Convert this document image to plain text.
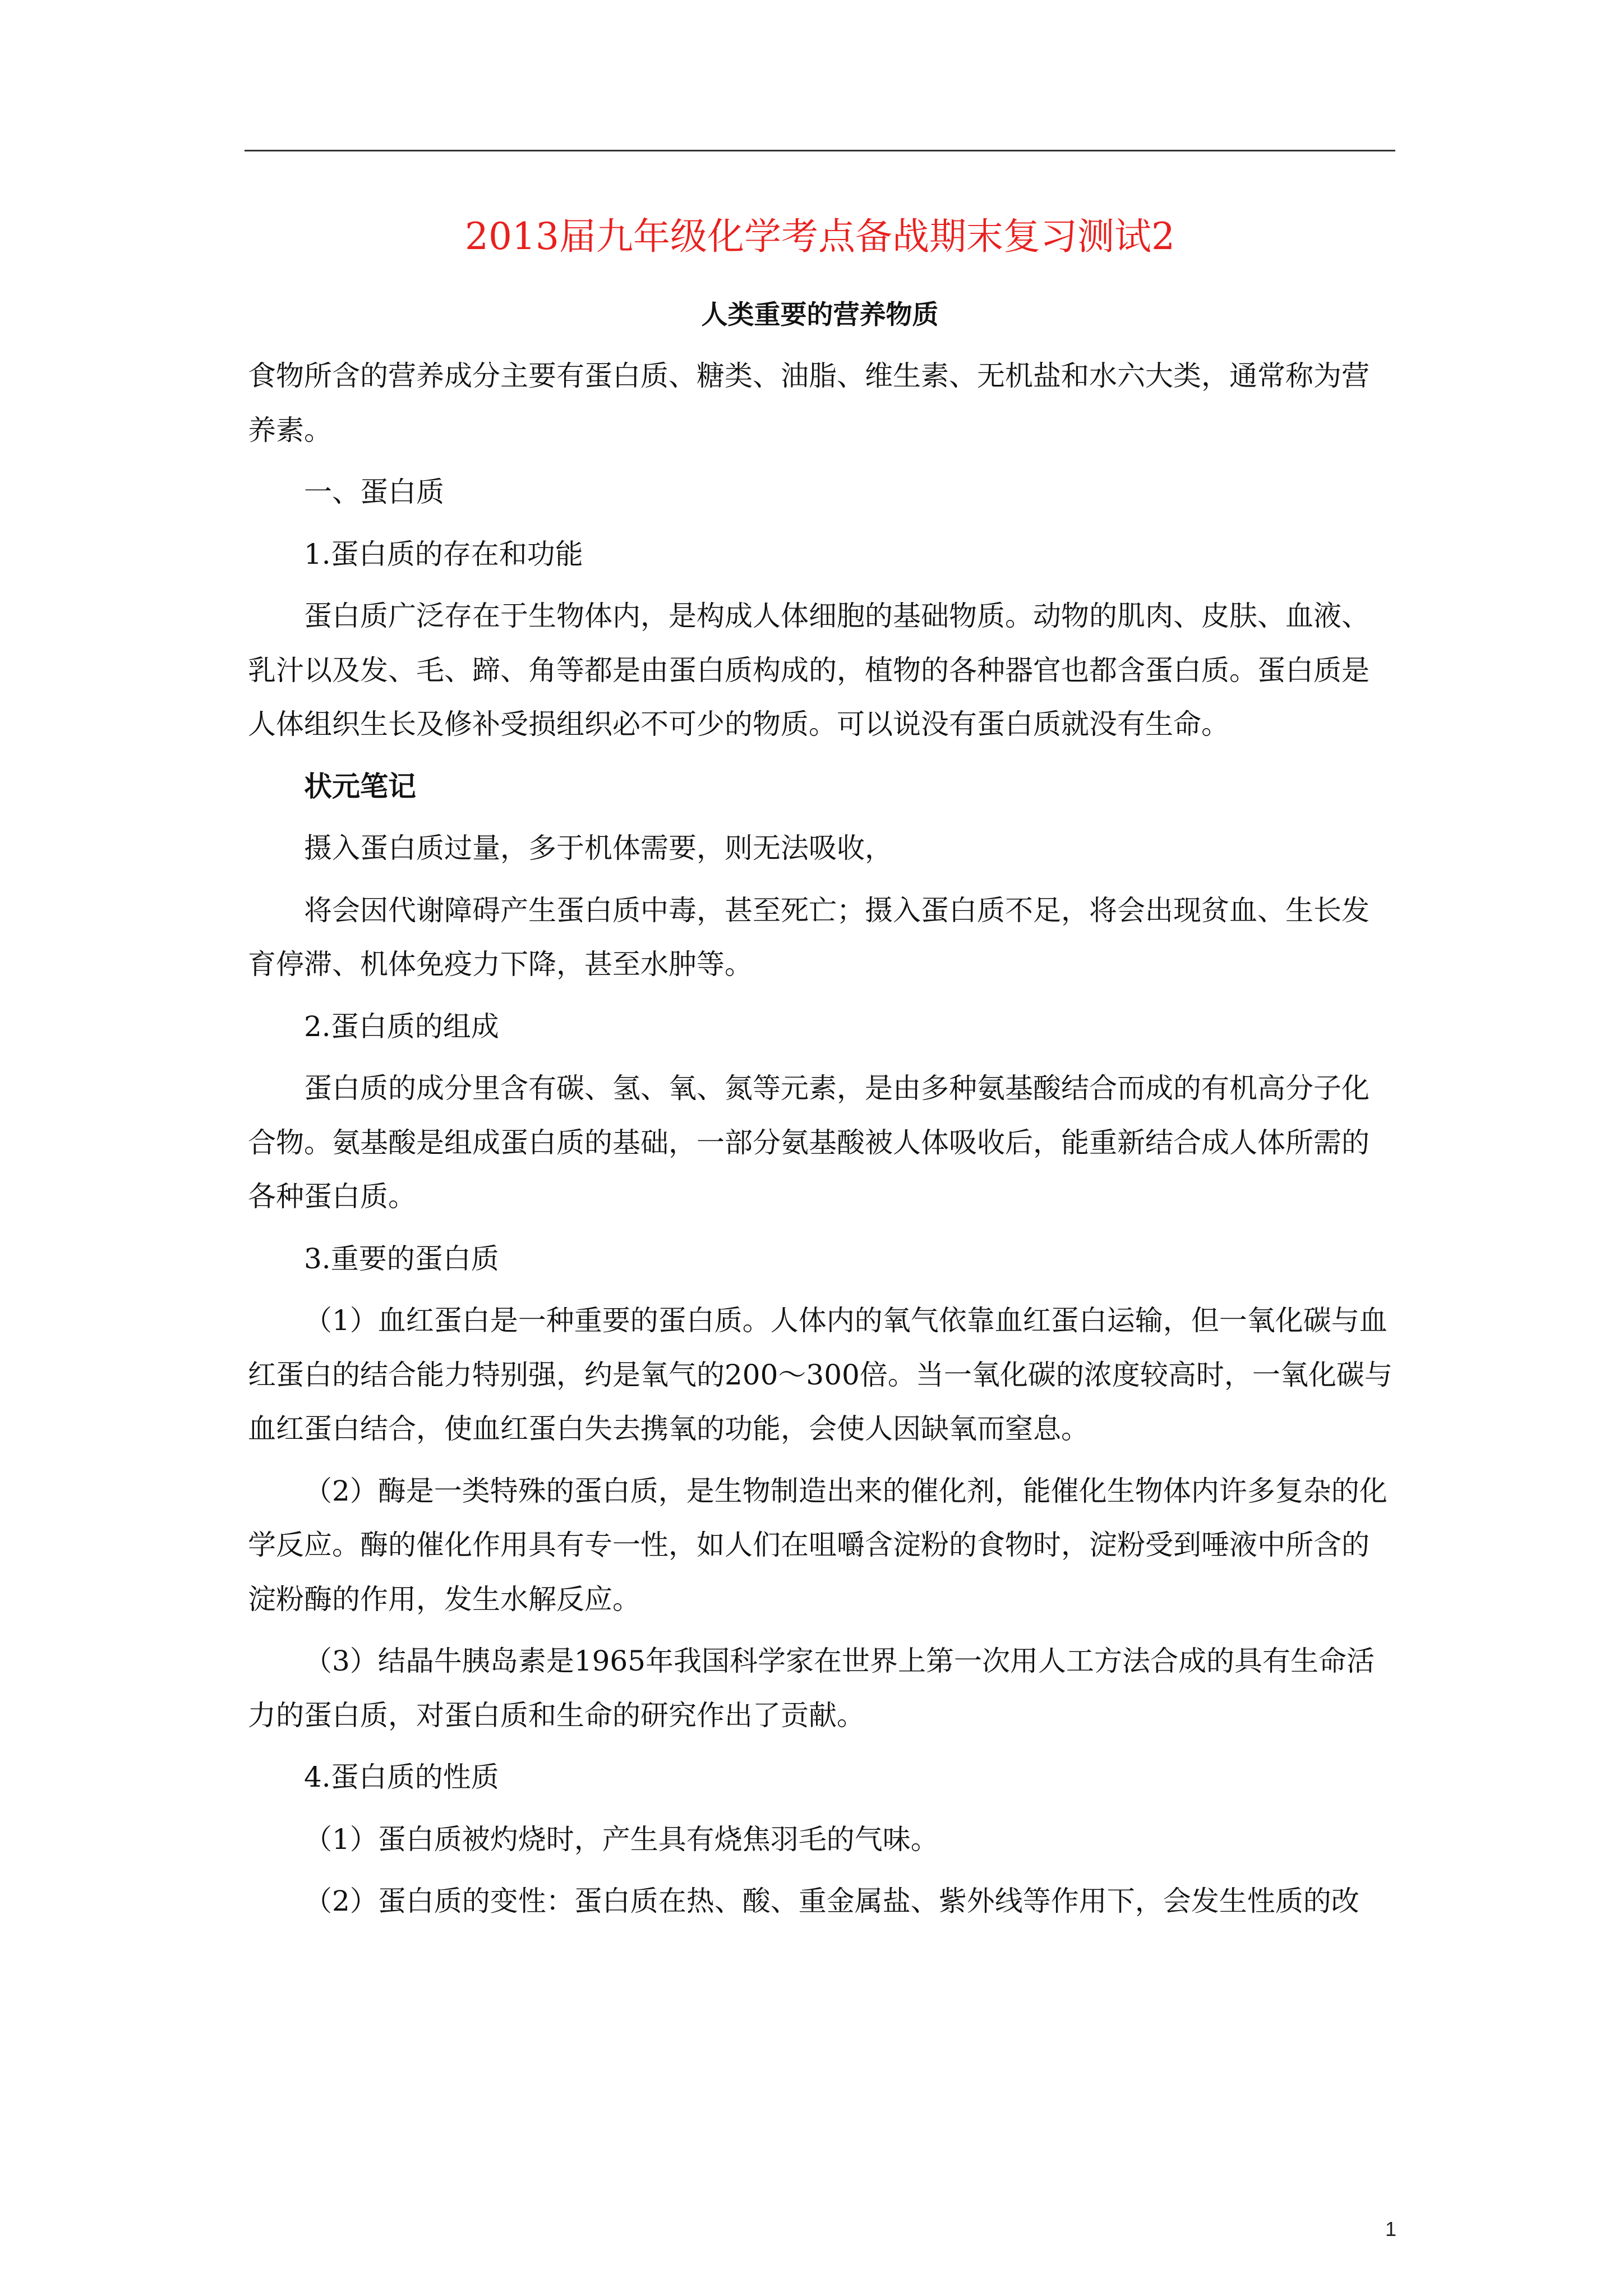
2013届九年级化学考点备战期末复习测试2
人类重要的营养物质

食物所含的营养成分主要有蛋白质、糖类、油脂、维生素、无机盐和水六大类，通常称为营养素。

一、蛋白质

1.蛋白质的存在和功能

蛋白质广泛存在于生物体内，是构成人体细胞的基础物质。动物的肌肉、皮肤、血液、乳汁以及发、毛、蹄、角等都是由蛋白质构成的，植物的各种器官也都含蛋白质。蛋白质是人体组织生长及修补受损组织必不可少的物质。可以说没有蛋白质就没有生命。

状元笔记

摄入蛋白质过量，多于机体需要，则无法吸收，

将会因代谢障碍产生蛋白质中毒，甚至死亡；摄入蛋白质不足，将会出现贫血、生长发育停滞、机体免疫力下降，甚至水肿等。

2.蛋白质的组成

蛋白质的成分里含有碳、氢、氧、氮等元素，是由多种氨基酸结合而成的有机高分子化合物。氨基酸是组成蛋白质的基础，一部分氨基酸被人体吸收后，能重新结合成人体所需的各种蛋白质。

3.重要的蛋白质

（1）血红蛋白是一种重要的蛋白质。人体内的氧气依靠血红蛋白运输，但一氧化碳与血红蛋白的结合能力特别强，约是氧气的200～300倍。当一氧化碳的浓度较高时，一氧化碳与血红蛋白结合，使血红蛋白失去携氧的功能，会使人因缺氧而窒息。

（2）酶是一类特殊的蛋白质，是生物制造出来的催化剂，能催化生物体内许多复杂的化学反应。酶的催化作用具有专一性，如人们在咀嚼含淀粉的食物时，淀粉受到唾液中所含的淀粉酶的作用，发生水解反应。

（3）结晶牛胰岛素是1965年我国科学家在世界上第一次用人工方法合成的具有生命活力的蛋白质，对蛋白质和生命的研究作出了贡献。

4.蛋白质的性质

（1）蛋白质被灼烧时，产生具有烧焦羽毛的气味。

（2）蛋白质的变性：蛋白质在热、酸、重金属盐、紫外线等作用下，会发生性质的改

1
